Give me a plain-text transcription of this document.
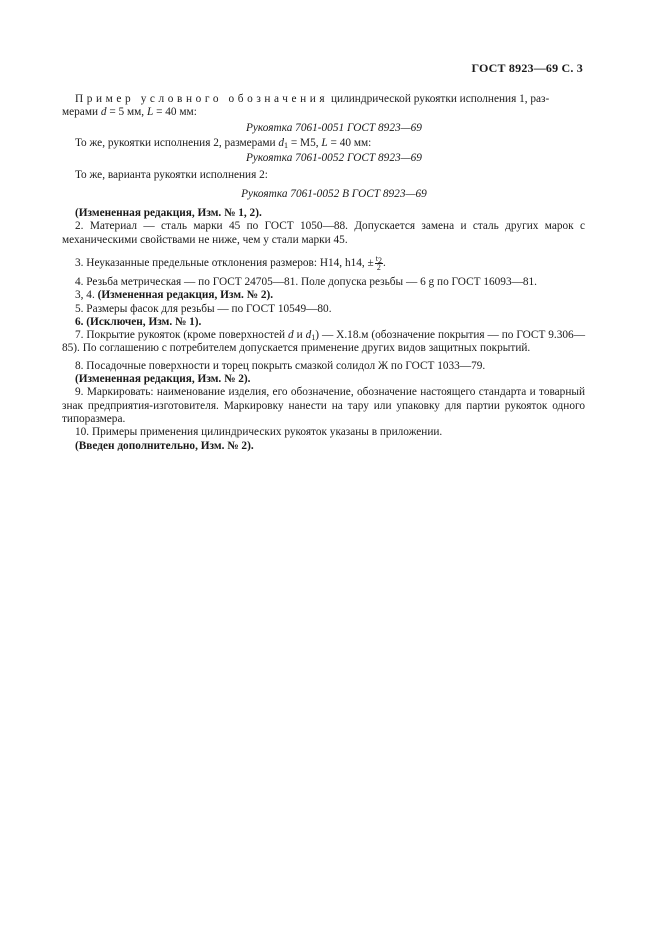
ГОСТ 8923—69 С. 3

Пример условного обозначения цилиндрической рукоятки исполнения 1, раз-

мерами d = 5 мм, L = 40 мм:

Рукоятка 7061-0051 ГОСТ 8923—69

То же, рукоятки исполнения 2, размерами $d_1 = M5$, L = 40 мм:

Рукоятка 7061-0052 ГОСТ 8923—69

То же, варианта рукоятки исполнения 2:

Рукоятка 7061-0052 В ГОСТ 8923—69

(Измененная редакция, Изм. № 1, 2).

2. Материал — сталь марки 45 по ГОСТ 1050—88. Допускается замена и сталь других марок с механическими свойствами не ниже, чем у стали марки 45.

3. Неуказанные предельные отклонения размеров: H14, h14, ± $\frac{t_2}{2}$ .

4. Резьба метрическая — по ГОСТ 24705—81. Поле допуска резьбы — 6 g по ГОСТ 16093—81.

3, 4. (Измененная редакция, Изм. № 2).

5. Размеры фасок для резьбы — по ГОСТ 10549—80.

6. (Исключен, Изм. № 1).

7. Покрытие рукояток (кроме поверхностей d и $d_1$) — X.18.м (обозначение покрытия — по ГОСТ 9.306—85). По соглашению с потребителем допускается применение других видов защитных покрытий.

8. Посадочные поверхности и торец покрыть смазкой солидол Ж по ГОСТ 1033—79.

(Измененная редакция, Изм. № 2).

9. Маркировать: наименование изделия, его обозначение, обозначение настоящего стандарта и товарный знак предприятия-изготовителя. Маркировку нанести на тару или упаковку для партии рукояток одного типоразмера.

10. Примеры применения цилиндрических рукояток указаны в приложении.

(Введен дополнительно, Изм. № 2).
